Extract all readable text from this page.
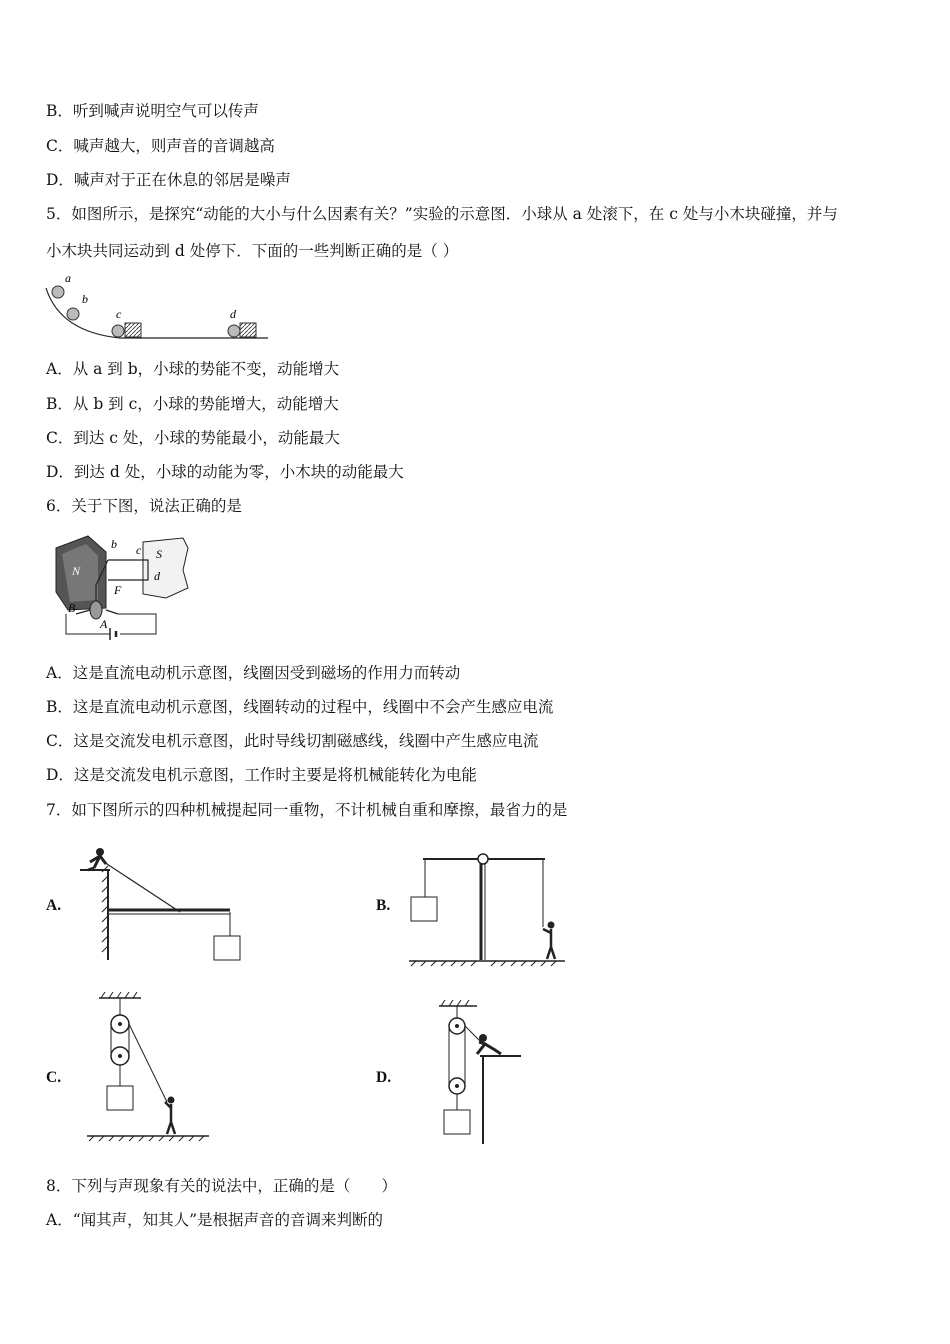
B．听到喊声说明空气可以传声
C．喊声越大，则声音的音调越高
D．喊声对于正在休息的邻居是噪声
5．如图所示，是探究“动能的大小与什么因素有关？”实验的示意图．小球从 a 处滚下，在 c 处与小木块碰撞，并与
小木块共同运动到 d 处停下．下面的一些判断正确的是（ ）
a
b
c	d
A．从 a 到 b，小球的势能不变，动能增大
B．从 b 到 c，小球的势能增大，动能增大
C．到达 c 处，小球的势能最小，动能最大
D．到达 d 处，小球的动能为零，小木块的动能最大
6．关于下图，说法正确的是
N
S
b c
d
B
A
F
A．这是直流电动机示意图，线圈因受到磁场的作用力而转动
B．这是直流电动机示意图，线圈转动的过程中，线圈中不会产生感应电流
C．这是交流发电机示意图，此时导线切割磁感线，线圈中产生感应电流
D．这是交流发电机示意图，工作时主要是将机械能转化为电能
7．如下图所示的四种机械提起同一重物，不计机械自重和摩擦，最省力的是
A.	B.
C.	D.
8．下列与声现象有关的说法中，正确的是（　　）
A．“闻其声，知其人”是根据声音的音调来判断的
